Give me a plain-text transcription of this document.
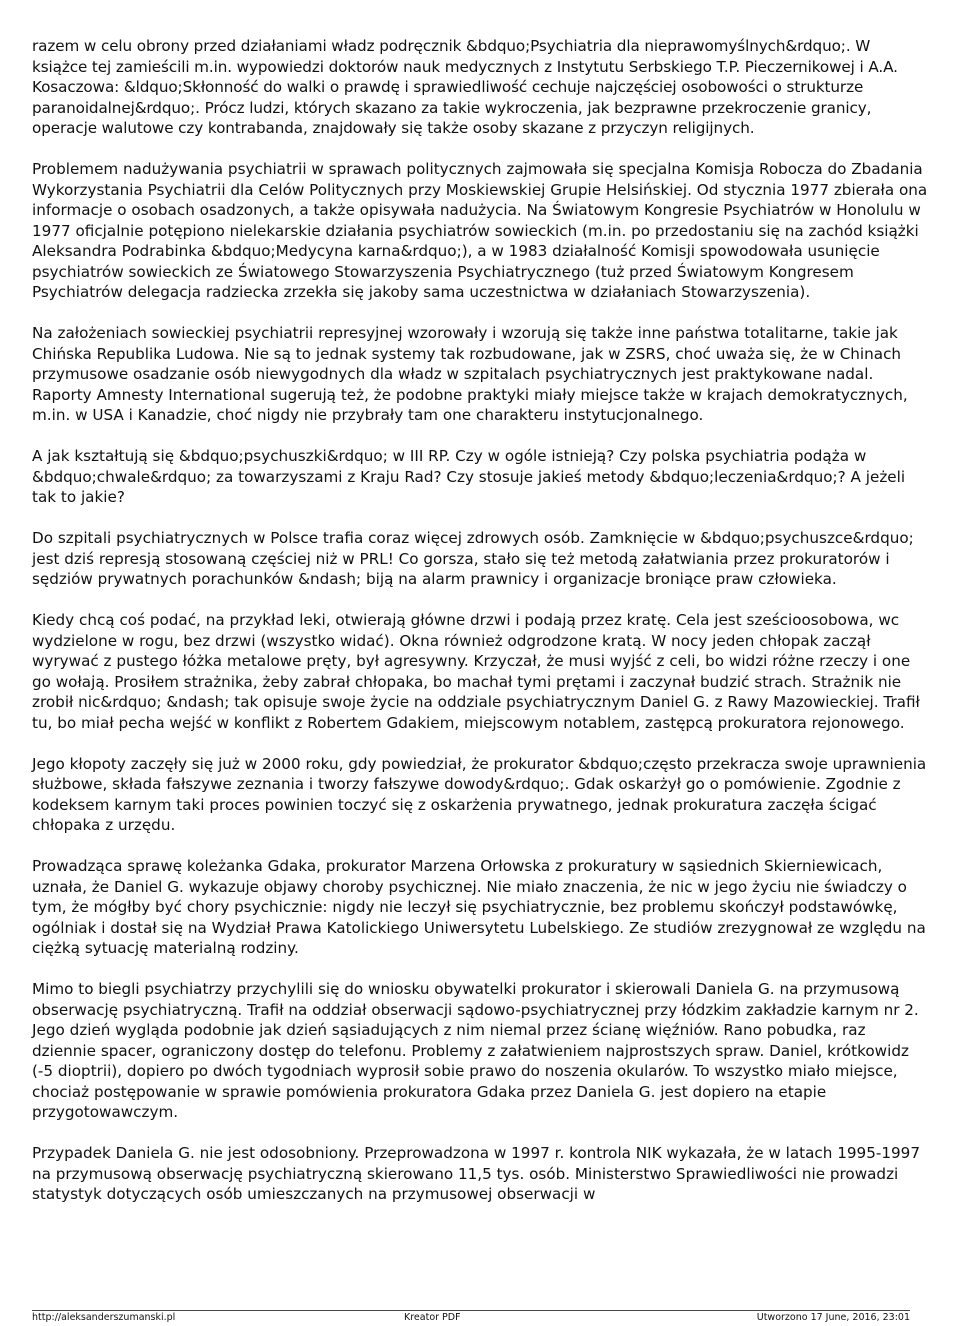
razem w celu obrony przed działaniami władz podręcznik &bdquo;Psychiatria dla nieprawomyślnych&rdquo;. W książce tej zamieścili m.in. wypowiedzi doktorów nauk medycznych z Instytutu Serbskiego T.P. Pieczernikowej i A.A. Kosaczowa: &ldquo;Skłonność do walki o prawdę i sprawiedliwość cechuje najczęściej osobowości o strukturze paranoidalnej&rdquo;. Prócz ludzi, których skazano za takie wykroczenia, jak bezprawne przekroczenie granicy, operacje walutowe czy kontrabanda, znajdowały się także osoby skazane z przyczyn religijnych.

Problemem nadużywania psychiatrii w sprawach politycznych zajmowała się specjalna Komisja Robocza do Zbadania Wykorzystania Psychiatrii dla Celów Politycznych przy Moskiewskiej Grupie Helsińskiej. Od stycznia 1977 zbierała ona informacje o osobach osadzonych, a także opisywała nadużycia. Na Światowym Kongresie Psychiatrów w Honolulu w 1977 oficjalnie potępiono nielekarskie działania psychiatrów sowieckich (m.in. po przedostaniu się na zachód książki Aleksandra Podrabinka &bdquo;Medycyna karna&rdquo;), a w 1983 działalność Komisji spowodowała usunięcie psychiatrów sowieckich ze Światowego Stowarzyszenia Psychiatrycznego (tuż przed Światowym Kongresem Psychiatrów delegacja radziecka zrzekła się jakoby sama uczestnictwa w działaniach Stowarzyszenia).

Na założeniach sowieckiej psychiatrii represyjnej wzorowały i wzorują się także inne państwa totalitarne, takie jak Chińska Republika Ludowa. Nie są to jednak systemy tak rozbudowane, jak w ZSRS, choć uważa się, że w Chinach przymusowe osadzanie osób niewygodnych dla władz w szpitalach psychiatrycznych jest praktykowane nadal. Raporty Amnesty International sugerują też, że podobne praktyki miały miejsce także w krajach demokratycznych, m.in. w USA i Kanadzie, choć nigdy nie przybrały tam one charakteru instytucjonalnego.

A jak kształtują się &bdquo;psychuszki&rdquo; w III RP. Czy w ogóle istnieją? Czy polska psychiatria podąża w &bdquo;chwale&rdquo; za towarzyszami z Kraju Rad? Czy stosuje jakieś metody &bdquo;leczenia&rdquo;? A jeżeli tak to jakie?

Do szpitali psychiatrycznych w Polsce trafia coraz więcej zdrowych osób. Zamknięcie w &bdquo;psychuszce&rdquo; jest dziś represją stosowaną częściej niż w PRL! Co gorsza, stało się też metodą załatwiania przez prokuratorów i sędziów prywatnych porachunków &ndash; biją na alarm prawnicy i organizacje broniące praw człowieka.

Kiedy chcą coś podać, na przykład leki, otwierają główne drzwi i podają przez kratę. Cela jest sześcioosobowa, wc wydzielone w rogu, bez drzwi (wszystko widać). Okna również odgrodzone kratą. W nocy jeden chłopak zaczął wyrywać z pustego łóżka metalowe pręty, był agresywny. Krzyczał, że musi wyjść z celi, bo widzi różne rzeczy i one go wołają. Prosiłem strażnika, żeby zabrał chłopaka, bo machał tymi prętami i zaczynał budzić strach. Strażnik nie zrobił nic&rdquo; &ndash; tak opisuje swoje życie na oddziale psychiatrycznym Daniel G. z Rawy Mazowieckiej. Trafił tu, bo miał pecha wejść w konflikt z Robertem Gdakiem, miejscowym notablem, zastępcą prokuratora rejonowego.

Jego kłopoty zaczęły się już w 2000 roku, gdy powiedział, że prokurator &bdquo;często przekracza swoje uprawnienia służbowe, składa fałszywe zeznania i tworzy fałszywe dowody&rdquo;. Gdak oskarżył go o pomówienie. Zgodnie z kodeksem karnym taki proces powinien toczyć się z oskarżenia prywatnego, jednak prokuratura zaczęła ścigać chłopaka z urzędu.

Prowadząca sprawę koleżanka Gdaka, prokurator Marzena Orłowska z prokuratury w sąsiednich Skierniewicach, uznała, że Daniel G. wykazuje objawy choroby psychicznej. Nie miało znaczenia, że nic w jego życiu nie świadczy o tym, że mógłby być chory psychicznie: nigdy nie leczył się psychiatrycznie, bez problemu skończył podstawówkę, ogólniak i dostał się na Wydział Prawa Katolickiego Uniwersytetu Lubelskiego. Ze studiów zrezygnował ze względu na ciężką sytuację materialną rodziny.

Mimo to biegli psychiatrzy przychylili się do wniosku obywatelki prokurator i skierowali Daniela G. na przymusową obserwację psychiatryczną. Trafił na oddział obserwacji sądowo-psychiatrycznej przy łódzkim zakładzie karnym nr 2. Jego dzień wygląda podobnie jak dzień sąsiadujących z nim niemal przez ścianę więźniów. Rano pobudka, raz dziennie spacer, ograniczony dostęp do telefonu. Problemy z załatwieniem najprostszych spraw. Daniel, krótkowidz (-5 dioptrii), dopiero po dwóch tygodniach wyprosił sobie prawo do noszenia okularów. To wszystko miało miejsce, chociaż postępowanie w sprawie pomówienia prokuratora Gdaka przez Daniela G. jest dopiero na etapie przygotowawczym.

Przypadek Daniela G. nie jest odosobniony. Przeprowadzona w 1997 r. kontrola NIK wykazała, że w latach 1995-1997 na przymusową obserwację psychiatryczną skierowano 11,5 tys. osób. Ministerstwo Sprawiedliwości nie prowadzi statystyk dotyczących osób umieszczanych na przymusowej obserwacji w

http://aleksanderszumanski.pl	Kreator PDF	Utworzono 17 June, 2016, 23:01
